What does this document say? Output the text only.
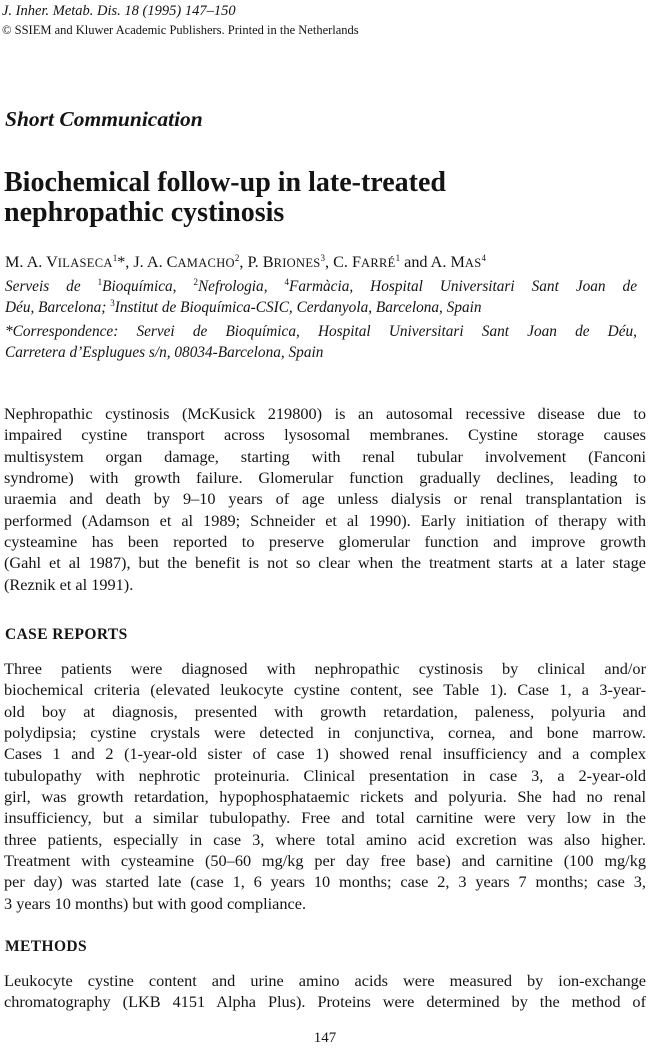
J. Inher. Metab. Dis. 18 (1995) 147–150
© SSIEM and Kluwer Academic Publishers. Printed in the Netherlands
Short Communication
Biochemical follow-up in late-treated
nephropathic cystinosis
M. A. VILASECA$^1$*, J. A. CAMACHO$^2$, P. BRIONES$^3$, C. FARRÉ$^1$ and A. MAS$^4$
Serveis de $^1$Bioquímica, $^2$Nefrologia, $^4$Farmàcia, Hospital Universitari Sant Joan de
Déu, Barcelona; $^3$Institut de Bioquímica-CSIC, Cerdanyola, Barcelona, Spain
*Correspondence: Servei de Bioquímica, Hospital Universitari Sant Joan de Déu,
Carretera d’Esplugues s/n, 08034-Barcelona, Spain
Nephropathic cystinosis (McKusick 219800) is an autosomal recessive disease due to
impaired cystine transport across lysosomal membranes. Cystine storage causes
multisystem organ damage, starting with renal tubular involvement (Fanconi
syndrome) with growth failure. Glomerular function gradually declines, leading to
uraemia and death by 9–10 years of age unless dialysis or renal transplantation is
performed (Adamson et al 1989; Schneider et al 1990). Early initiation of therapy with
cysteamine has been reported to preserve glomerular function and improve growth
(Gahl et al 1987), but the benefit is not so clear when the treatment starts at a later stage
(Reznik et al 1991).
CASE REPORTS
Three patients were diagnosed with nephropathic cystinosis by clinical and/or
biochemical criteria (elevated leukocyte cystine content, see Table 1). Case 1, a 3-year-
old boy at diagnosis, presented with growth retardation, paleness, polyuria and
polydipsia; cystine crystals were detected in conjunctiva, cornea, and bone marrow.
Cases 1 and 2 (1-year-old sister of case 1) showed renal insufficiency and a complex
tubulopathy with nephrotic proteinuria. Clinical presentation in case 3, a 2-year-old
girl, was growth retardation, hypophosphataemic rickets and polyuria. She had no renal
insufficiency, but a similar tubulopathy. Free and total carnitine were very low in the
three patients, especially in case 3, where total amino acid excretion was also higher.
Treatment with cysteamine (50–60 mg/kg per day free base) and carnitine (100 mg/kg
per day) was started late (case 1, 6 years 10 months; case 2, 3 years 7 months; case 3,
3 years 10 months) but with good compliance.
METHODS
Leukocyte cystine content and urine amino acids were measured by ion-exchange
chromatography (LKB 4151 Alpha Plus). Proteins were determined by the method of
147
